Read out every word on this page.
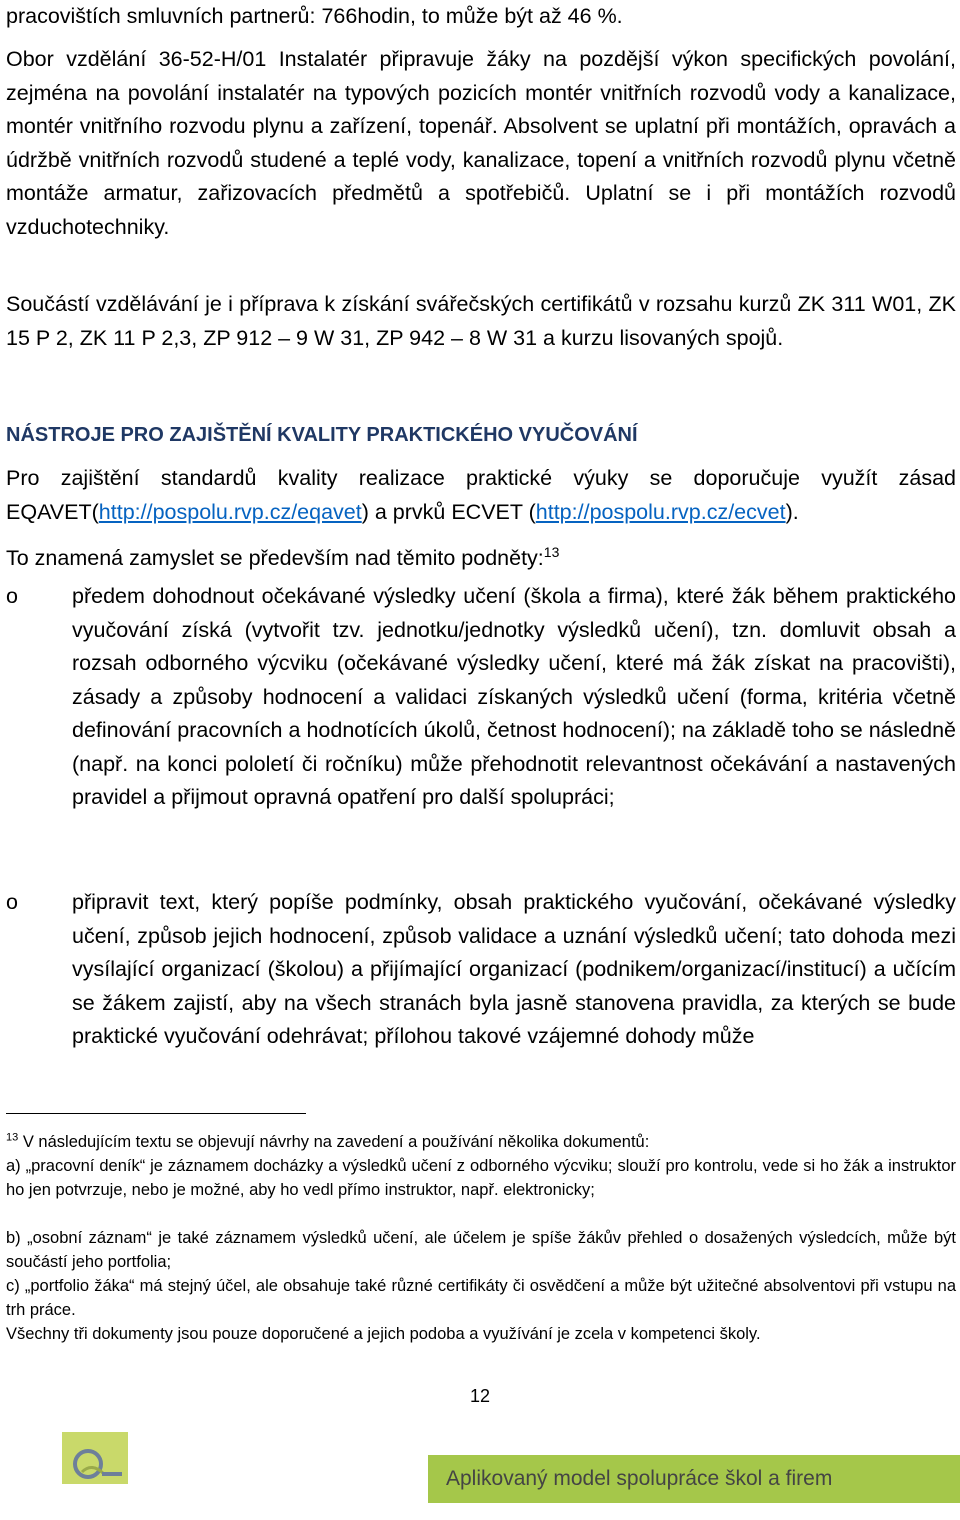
pracovištích smluvních partnerů: 766hodin, to může být až 46 %.

Obor vzdělání 36-52-H/01 Instalatér připravuje žáky na pozdější výkon specifických povolání, zejména na povolání instalatér na typových pozicích montér vnitřních rozvodů vody a kanalizace, montér vnitřního rozvodu plynu a zařízení, topenář. Absolvent se uplatní při montážích, opravách a údržbě vnitřních rozvodů studené a teplé vody, kanalizace, topení a vnitřních rozvodů plynu včetně montáže armatur, zařizovacích předmětů a spotřebičů. Uplatní se i při montážích rozvodů vzduchotechniky.

Součástí vzdělávání je i příprava k získání svářečských certifikátů v rozsahu kurzů ZK 311 W01, ZK 15 P 2, ZK 11 P 2,3, ZP 912 – 9 W 31, ZP 942 – 8 W 31 a kurzu lisovaných spojů.

NÁSTROJE PRO ZAJIŠTĚNÍ KVALITY PRAKTICKÉHO VYUČOVÁNÍ

Pro zajištění standardů kvality realizace praktické výuky se doporučuje využít zásad EQAVET(http://pospolu.rvp.cz/eqavet) a prvků ECVET (http://pospolu.rvp.cz/ecvet).

To znamená zamyslet se především nad těmito podněty:$^{13}$

o	předem dohodnout očekávané výsledky učení (škola a firma), které žák během praktického vyučování získá (vytvořit tzv. jednotku/jednotky výsledků učení), tzn. domluvit obsah a rozsah odborného výcviku (očekávané výsledky učení, které má žák získat na pracovišti), zásady a způsoby hodnocení a validaci získaných výsledků učení (forma, kritéria včetně definování pracovních a hodnotících úkolů, četnost hodnocení); na základě toho se následně (např. na konci pololetí či ročníku) může přehodnotit relevantnost očekávání a nastavených pravidel a přijmout opravná opatření pro další spolupráci;
o	připravit text, který popíše podmínky, obsah praktického vyučování, očekávané výsledky učení, způsob jejich hodnocení, způsob validace a uznání výsledků učení; tato dohoda mezi vysílající organizací (školou) a přijímající organizací (podnikem/organizací/institucí) a učícím se žákem zajistí, aby na všech stranách byla jasně stanovena pravidla, za kterých se bude praktické vyučování odehrávat; přílohou takové vzájemné dohody může

$^{13}$ V následujícím textu se objevují návrhy na zavedení a používání několika dokumentů:

a) „pracovní deník“ je záznamem docházky a výsledků učení z odborného výcviku; slouží pro kontrolu, vede si ho žák a instruktor ho jen potvrzuje, nebo je možné, aby ho vedl přímo instruktor, např. elektronicky;

b) „osobní záznam“ je také záznamem výsledků učení, ale účelem je spíše žákův přehled o dosažených výsledcích, může být součástí jeho portfolia;

c) „portfolio žáka“ má stejný účel, ale obsahuje také různé certifikáty či osvědčení a může být užitečné absolventovi při vstupu na trh práce.

Všechny tři dokumenty jsou pouze doporučené a jejich podoba a využívání je zcela v kompetenci školy.

12
Aplikovaný model spolupráce škol a firem
